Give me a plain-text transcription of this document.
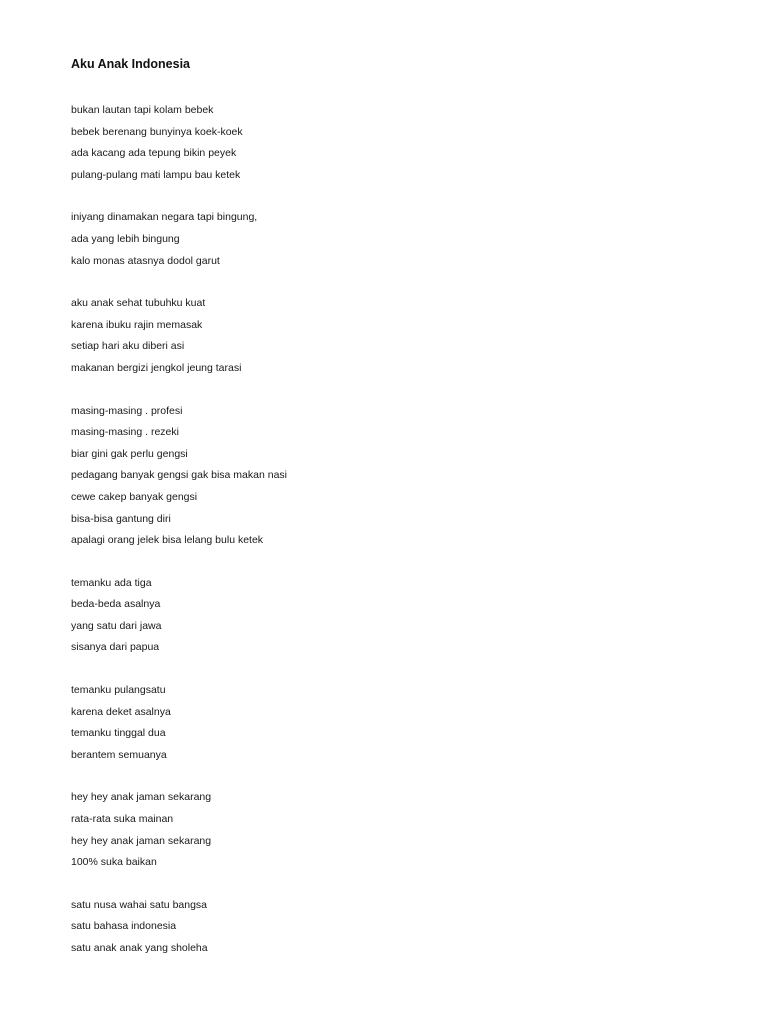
Aku Anak Indonesia
bukan lautan tapi kolam bebek
bebek berenang bunyinya koek-koek
ada kacang ada tepung bikin peyek
pulang-pulang mati lampu bau ketek
iniyang dinamakan negara tapi bingung,
ada yang lebih bingung
kalo monas atasnya dodol garut
aku anak sehat tubuhku kuat
karena ibuku rajin memasak
setiap hari aku diberi asi
makanan bergizi jengkol jeung tarasi
masing-masing . profesi
masing-masing . rezeki
biar gini gak perlu gengsi
pedagang banyak gengsi gak bisa makan nasi
cewe cakep banyak gengsi
bisa-bisa gantung diri
apalagi orang jelek bisa lelang bulu ketek
temanku ada tiga
beda-beda asalnya
yang satu dari jawa
sisanya dari papua
temanku pulangsatu
karena deket asalnya
temanku tinggal dua
berantem semuanya
hey hey anak jaman sekarang
rata-rata suka mainan
hey hey anak jaman sekarang
100% suka baikan
satu nusa wahai satu bangsa
satu bahasa indonesia
satu anak anak yang sholeha
